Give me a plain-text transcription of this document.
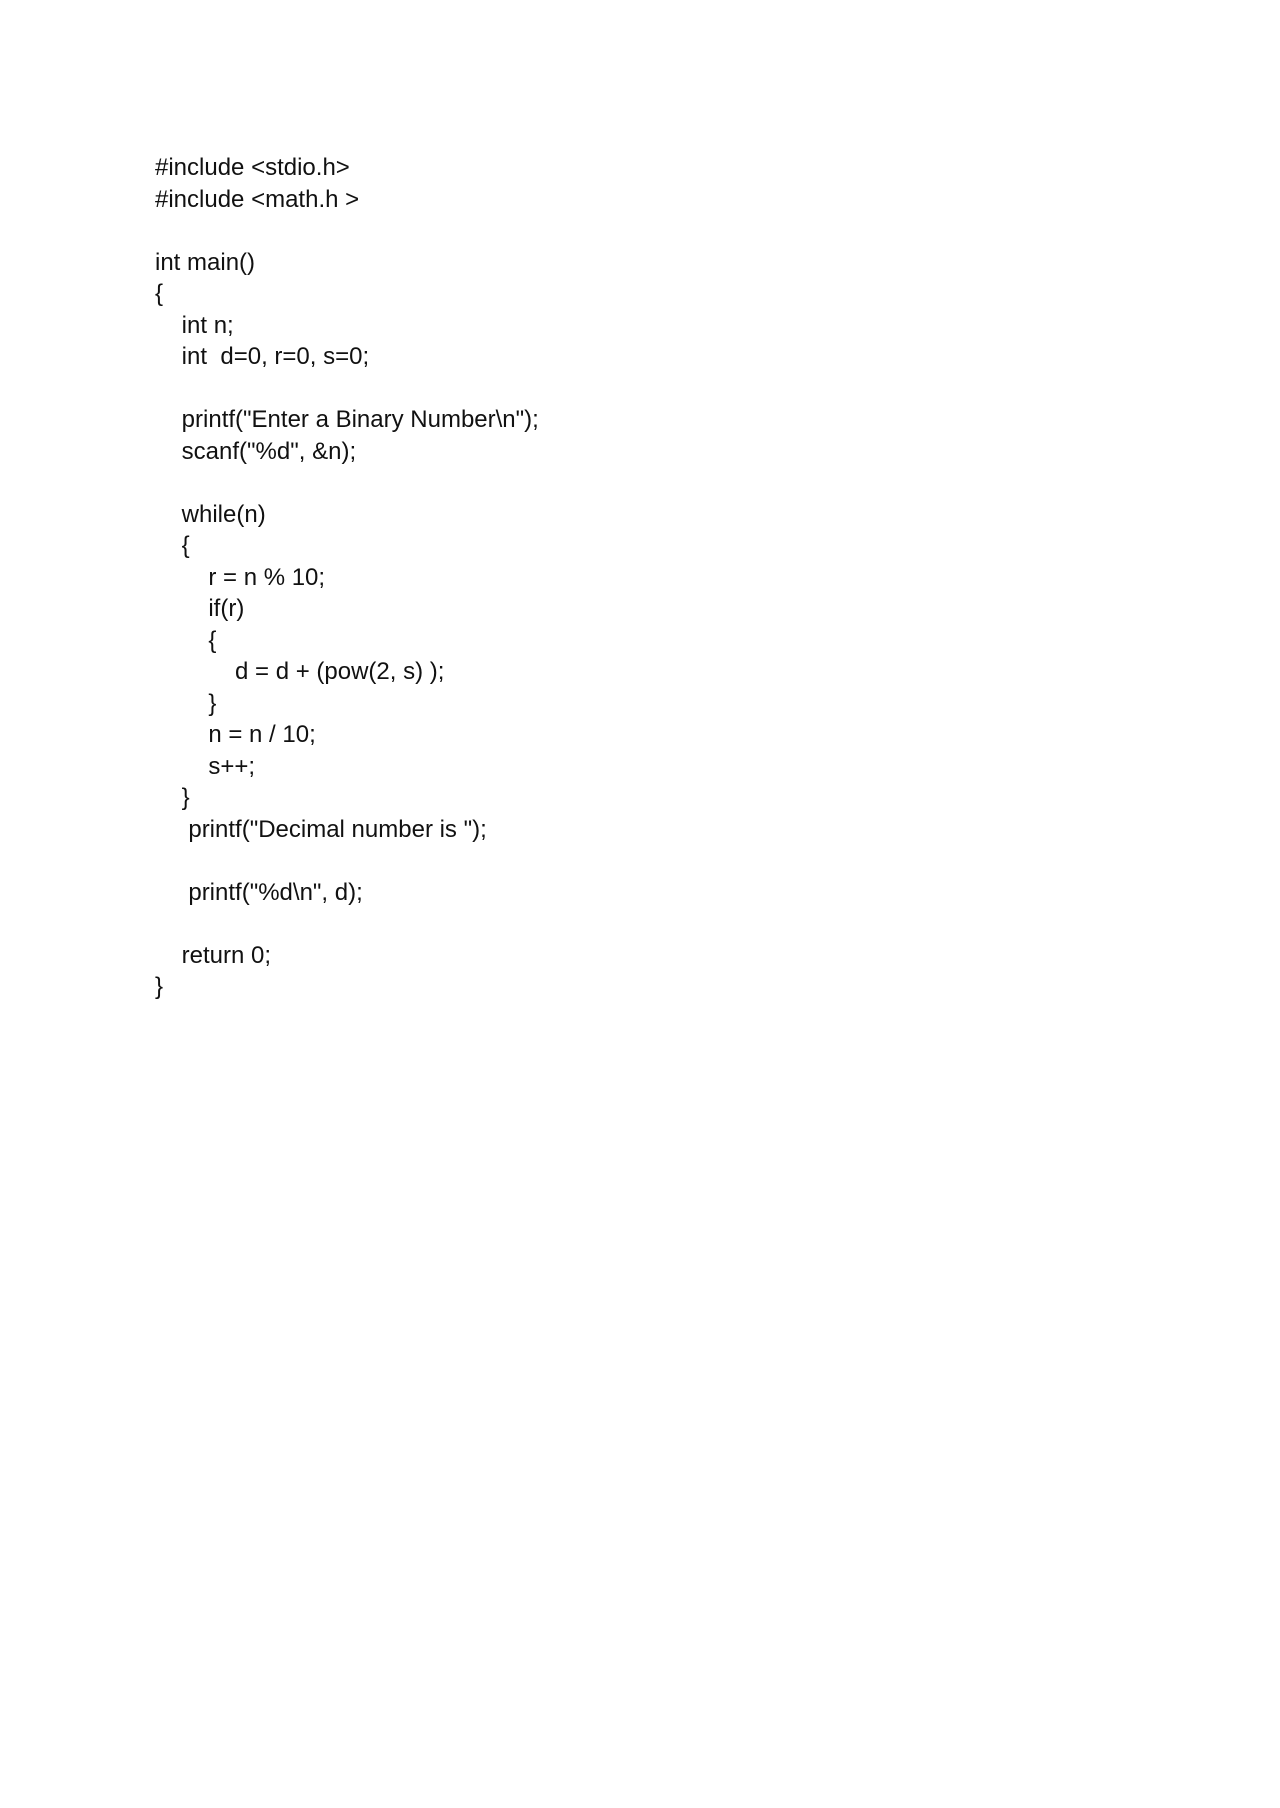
#include <stdio.h>
#include <math.h >
int main()
{
int n;
int  d=0, r=0, s=0;
printf("Enter a Binary Number\n");
scanf("%d", &n);
while(n)
{
r = n % 10;
if(r)
{
d = d + (pow(2, s) );
}
n = n / 10;
s++;
}
printf("Decimal number is ");
printf("%d\n", d);
return 0;
}
